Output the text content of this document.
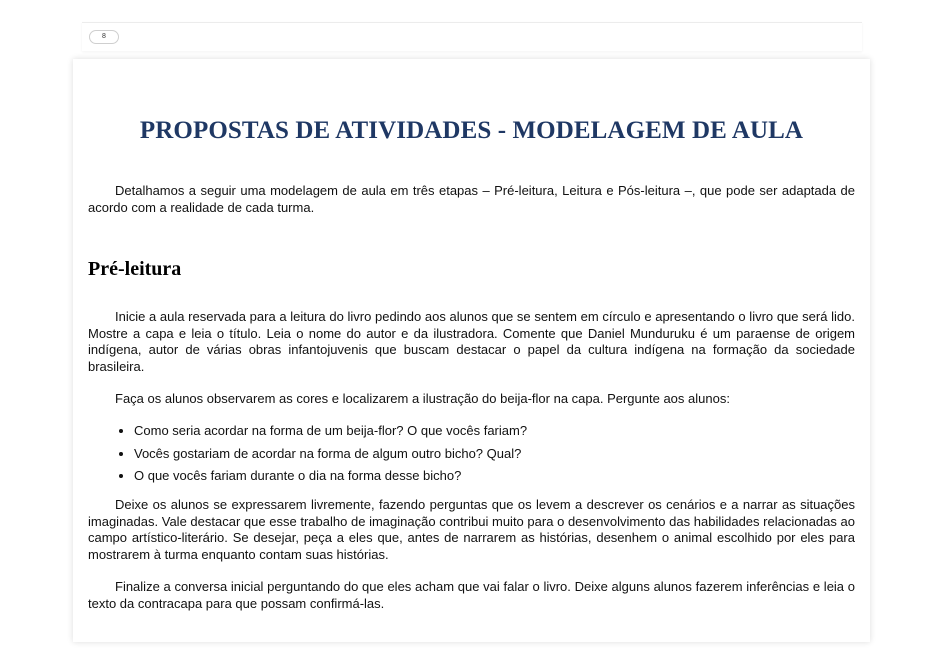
8
PROPOSTAS DE ATIVIDADES - MODELAGEM DE AULA

Detalhamos a seguir uma modelagem de aula em três etapas – Pré-leitura, Leitura e Pós-leitura –, que pode ser adaptada de acordo com a realidade de cada turma.

Pré-leitura

Inicie a aula reservada para a leitura do livro pedindo aos alunos que se sentem em círculo e apresentando o livro que será lido. Mostre a capa e leia o título. Leia o nome do autor e da ilustradora. Comente que Daniel Munduruku é um paraense de origem indígena, autor de várias obras infantojuvenis que buscam destacar o papel da cultura indígena na formação da sociedade brasileira.

Faça os alunos observarem as cores e localizarem a ilustração do beija-flor na capa. Pergunte aos alunos:

• Como seria acordar na forma de um beija-flor? O que vocês fariam?
• Vocês gostariam de acordar na forma de algum outro bicho? Qual?
• O que vocês fariam durante o dia na forma desse bicho?

Deixe os alunos se expressarem livremente, fazendo perguntas que os levem a descrever os cenários e a narrar as situações imaginadas. Vale destacar que esse trabalho de imaginação contribui muito para o desenvolvimento das habilidades relacionadas ao campo artístico-literário. Se desejar, peça a eles que, antes de narrarem as histórias, desenhem o animal escolhido por eles para mostrarem à turma enquanto contam suas histórias.

Finalize a conversa inicial perguntando do que eles acham que vai falar o livro. Deixe alguns alunos fazerem inferências e leia o texto da contracapa para que possam confirmá-las.
